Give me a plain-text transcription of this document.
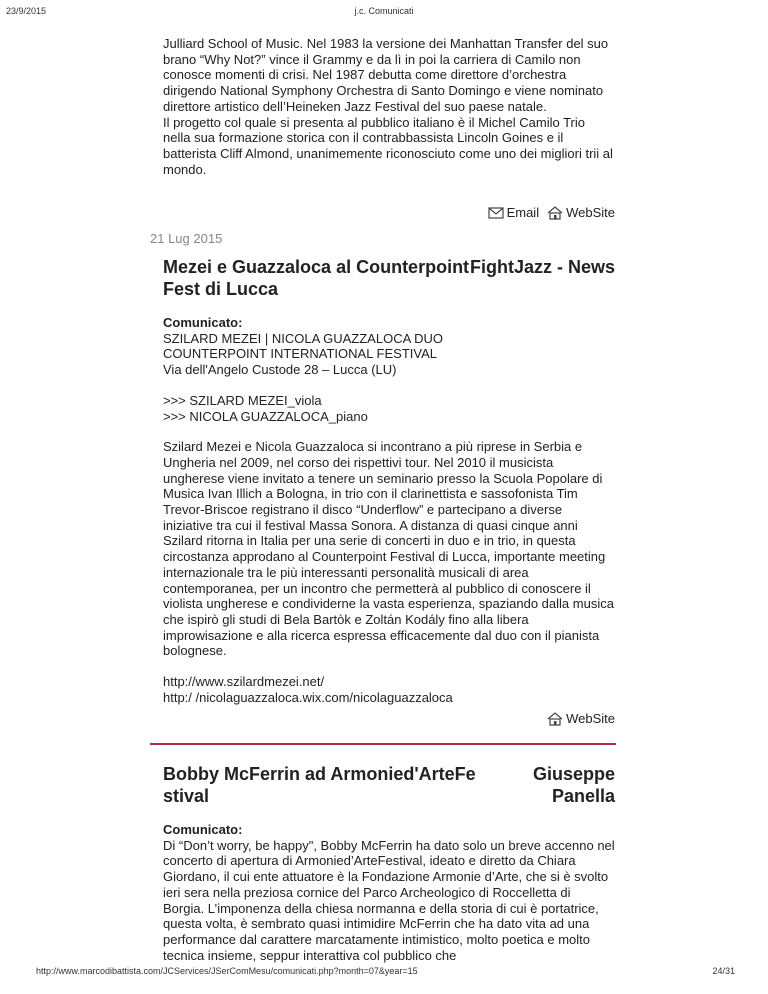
23/9/2015	j.c. Comunicati

Julliard School of Music. Nel 1983 la versione dei Manhattan Transfer del suo brano “Why Not?” vince il Grammy e da lì in poi la carriera di Camilo non conosce momenti di crisi. Nel 1987 debutta come direttore d’orchestra dirigendo National Symphony Orchestra di Santo Domingo e viene nominato direttore artistico dell’Heineken Jazz Festival del suo paese natale.

Il progetto col quale si presenta al pubblico italiano è il Michel Camilo Trio nella sua formazione storica con il contrabbassista Lincoln Goines e il batterista Cliff Almond, unanimemente riconosciuto come uno dei migliori trii al mondo.

Email WebSite
21 Lug 2015
Mezei e Guazzaloca al Counterpoint Fest di Lucca
FightJazz - News

Comunicato:
SZILARD MEZEI | NICOLA GUAZZALOCA DUO
COUNTERPOINT INTERNATIONAL FESTIVAL
Via dell'Angelo Custode 28 – Lucca (LU)

>>> SZILARD MEZEI_viola
>>> NICOLA GUAZZALOCA_piano

Szilard Mezei e Nicola Guazzaloca si incontrano a più riprese in Serbia e Ungheria nel 2009, nel corso dei rispettivi tour. Nel 2010 il musicista ungherese viene invitato a tenere un seminario presso la Scuola Popolare di Musica Ivan Illich a Bologna, in trio con il clarinettista e sassofonista Tim Trevor-Briscoe registrano il disco “Underflow” e partecipano a diverse iniziative tra cui il festival Massa Sonora. A distanza di quasi cinque anni Szilard ritorna in Italia per una serie di concerti in duo e in trio, in questa circostanza approdano al Counterpoint Festival di Lucca, importante meeting internazionale tra le più interessanti personalità musicali di area contemporanea, per un incontro che permetterà al pubblico di conoscere il violista ungherese e condividerne la vasta esperienza, spaziando dalla musica che ispirò gli studi di Bela Bartòk e Zoltán Kodály fino alla libera improwisazione e alla ricerca espressa efficacemente dal duo con il pianista bolognese.

http://www.szilardmezei.net/
http:/ /nicolaguazzaloca.wix.com/nicolaguazzaloca

WebSite
Bobby McFerrin ad Armonied'ArteFe stival
Giuseppe Panella

Comunicato:
Di “Don’t worry, be happy", Bobby McFerrin ha dato solo un breve accenno nel concerto di apertura di Armonied’ArteFestival, ideato e diretto da Chiara Giordano, il cui ente attuatore è la Fondazione Armonie d’Arte, che si è svolto ieri sera nella preziosa cornice del Parco Archeologico di Roccelletta di Borgia. L’imponenza della chiesa normanna e della storia di cui è portatrice, questa volta, è sembrato quasi intimidire McFerrin che ha dato vita ad una performance dal carattere marcatamente intimistico, molto poetica e molto tecnica insieme, seppur interattiva col pubblico che

http://www.marcodibattista.com/JCServices/JSerComMesu/comunicati.php?month=07&year=15	24/31
